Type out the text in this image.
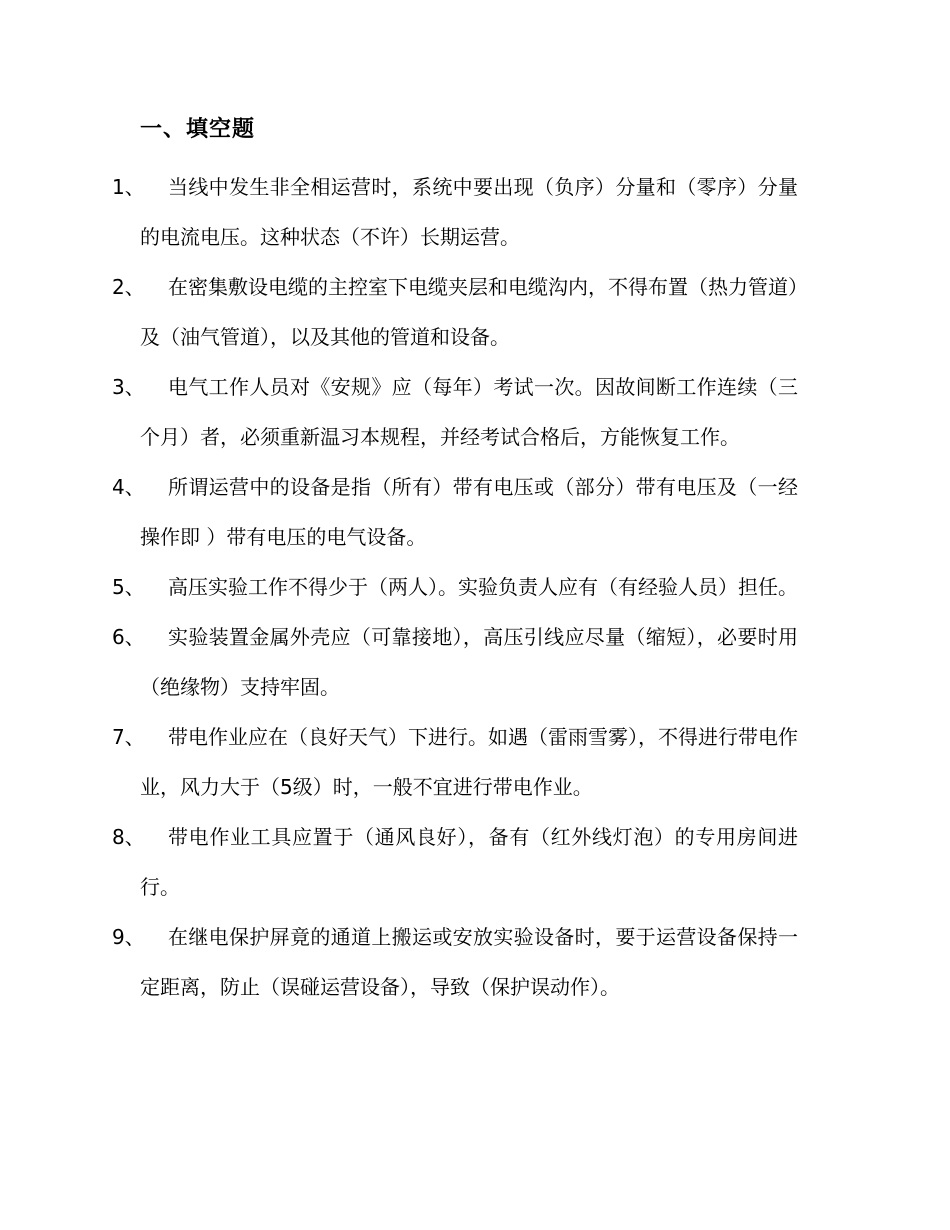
一、填空题
1、	当线中发生非全相运营时，系统中要出现（负序）分量和（零序）分量的电流电压。这种状态（不许）长期运营。
2、	在密集敷设电缆的主控室下电缆夹层和电缆沟内，不得布置（热力管道）及（油气管道），以及其他的管道和设备。
3、	电气工作人员对《安规》应（每年）考试一次。因故间断工作连续（三个月）者，必须重新温习本规程，并经考试合格后，方能恢复工作。
4、	所谓运营中的设备是指（所有）带有电压或（部分）带有电压及（一经操作即 ）带有电压的电气设备。
5、	高压实验工作不得少于（两人）。实验负责人应有（有经验人员）担任。
6、	实验装置金属外壳应（可靠接地），高压引线应尽量（缩短），必要时用（绝缘物）支持牢固。
7、	带电作业应在（良好天气）下进行。如遇（雷雨雪雾），不得进行带电作业，风力大于（5级）时，一般不宜进行带电作业。
8、	带电作业工具应置于（通风良好），备有（红外线灯泡）的专用房间进行。
9、	在继电保护屏竟的通道上搬运或安放实验设备时，要于运营设备保持一定距离，防止（误碰运营设备），导致（保护误动作）。
